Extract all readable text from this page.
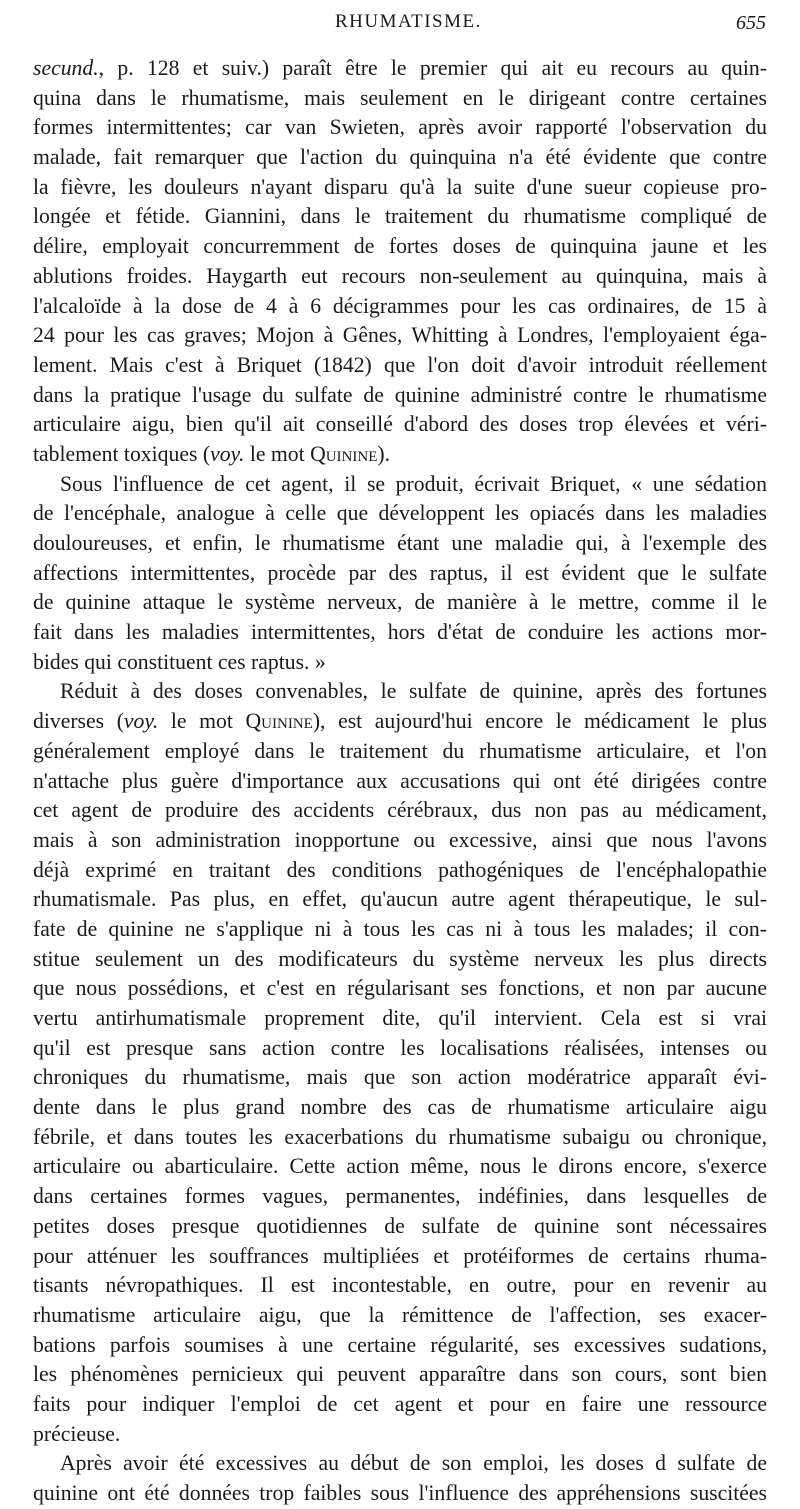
RHUMATISME.	655
secund., p. 128 et suiv.) paraît être le premier qui ait eu recours au quin-
quina dans le rhumatisme, mais seulement en le dirigeant contre certaines
formes intermittentes; car van Swieten, après avoir rapporté l'observation du
malade, fait remarquer que l'action du quinquina n'a été évidente que contre
la fièvre, les douleurs n'ayant disparu qu'à la suite d'une sueur copieuse pro-
longée et fétide. Giannini, dans le traitement du rhumatisme compliqué de
délire, employait concurremment de fortes doses de quinquina jaune et les
ablutions froides. Haygarth eut recours non-seulement au quinquina, mais à
l'alcaloïde à la dose de 4 à 6 décigrammes pour les cas ordinaires, de 15 à
24 pour les cas graves; Mojon à Gênes, Whitting à Londres, l'employaient éga-
lement. Mais c'est à Briquet (1842) que l'on doit d'avoir introduit réellement
dans la pratique l'usage du sulfate de quinine administré contre le rhumatisme
articulaire aigu, bien qu'il ait conseillé d'abord des doses trop élevées et véri-
tablement toxiques (voy. le mot Quinine).
Sous l'influence de cet agent, il se produit, écrivait Briquet, « une sédation
de l'encéphale, analogue à celle que développent les opiacés dans les maladies
douloureuses, et enfin, le rhumatisme étant une maladie qui, à l'exemple des
affections intermittentes, procède par des raptus, il est évident que le sulfate
de quinine attaque le système nerveux, de manière à le mettre, comme il le
fait dans les maladies intermittentes, hors d'état de conduire les actions mor-
bides qui constituent ces raptus. »
Réduit à des doses convenables, le sulfate de quinine, après des fortunes
diverses (voy. le mot Quinine), est aujourd'hui encore le médicament le plus
généralement employé dans le traitement du rhumatisme articulaire, et l'on
n'attache plus guère d'importance aux accusations qui ont été dirigées contre
cet agent de produire des accidents cérébraux, dus non pas au médicament,
mais à son administration inopportune ou excessive, ainsi que nous l'avons
déjà exprimé en traitant des conditions pathogéniques de l'encéphalopathie
rhumatismale. Pas plus, en effet, qu'aucun autre agent thérapeutique, le sul-
fate de quinine ne s'applique ni à tous les cas ni à tous les malades; il con-
stitue seulement un des modificateurs du système nerveux les plus directs
que nous possédions, et c'est en régularisant ses fonctions, et non par aucune
vertu antirhumatismale proprement dite, qu'il intervient. Cela est si vrai
qu'il est presque sans action contre les localisations réalisées, intenses ou
chroniques du rhumatisme, mais que son action modératrice apparaît évi-
dente dans le plus grand nombre des cas de rhumatisme articulaire aigu
fébrile, et dans toutes les exacerbations du rhumatisme subaigu ou chronique,
articulaire ou abarticulaire. Cette action même, nous le dirons encore, s'exerce
dans certaines formes vagues, permanentes, indéfinies, dans lesquelles de
petites doses presque quotidiennes de sulfate de quinine sont nécessaires
pour atténuer les souffrances multipliées et protéiformes de certains rhuma-
tisants névropathiques. Il est incontestable, en outre, pour en revenir au
rhumatisme articulaire aigu, que la rémittence de l'affection, ses exacer-
bations parfois soumises à une certaine régularité, ses excessives sudations,
les phénomènes pernicieux qui peuvent apparaître dans son cours, sont bien
faits pour indiquer l'emploi de cet agent et pour en faire une ressource
précieuse.
Après avoir été excessives au début de son emploi, les doses d sulfate de
quinine ont été données trop faibles sous l'influence des appréhensions suscitées
